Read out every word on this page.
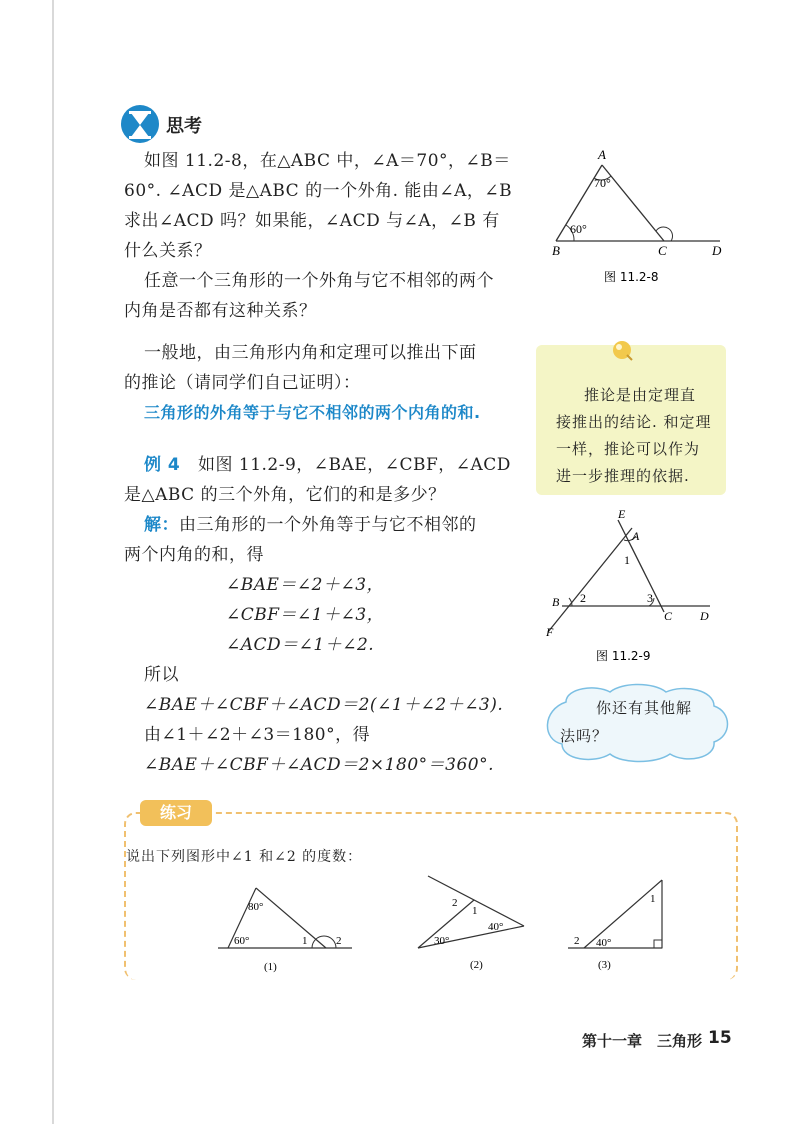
思考
如图 11.2-8，在△ABC 中，∠A＝70°，∠B＝
60°. ∠ACD 是△ABC 的一个外角. 能由∠A，∠B
求出∠ACD 吗？如果能，∠ACD 与∠A，∠B 有
什么关系？
任意一个三角形的一个外角与它不相邻的两个
内角是否都有这种关系？
A
70°
60°
B	C	D
图 11.2-8
一般地，由三角形内角和定理可以推出下面
的推论（请同学们自己证明）：
三角形的外角等于与它不相邻的两个内角的和.
推论是由定理直
接推出的结论. 和定理
一样，推论可以作为
进一步推理的依据.
例 4 如图 11.2-9，∠BAE，∠CBF，∠ACD
是△ABC 的三个外角，它们的和是多少？
解：由三角形的一个外角等于与它不相邻的
两个内角的和，得
∠BAE＝∠2＋∠3，
∠CBF＝∠1＋∠3，
∠ACD＝∠1＋∠2.
所以
∠BAE＋∠CBF＋∠ACD＝2(∠1＋∠2＋∠3).
由∠1＋∠2＋∠3＝180°，得
∠BAE＋∠CBF＋∠ACD＝2×180°＝360°.
E
A
1
B 2	3
C D
F
图 11.2-9
你还有其他解
法吗？
练习
说出下列图形中∠1 和∠2 的度数：
80°
60°	1	2
(1)
2
1
40°
30°
(2)
1
2 40°
(3)
第十一章　三角形 15
